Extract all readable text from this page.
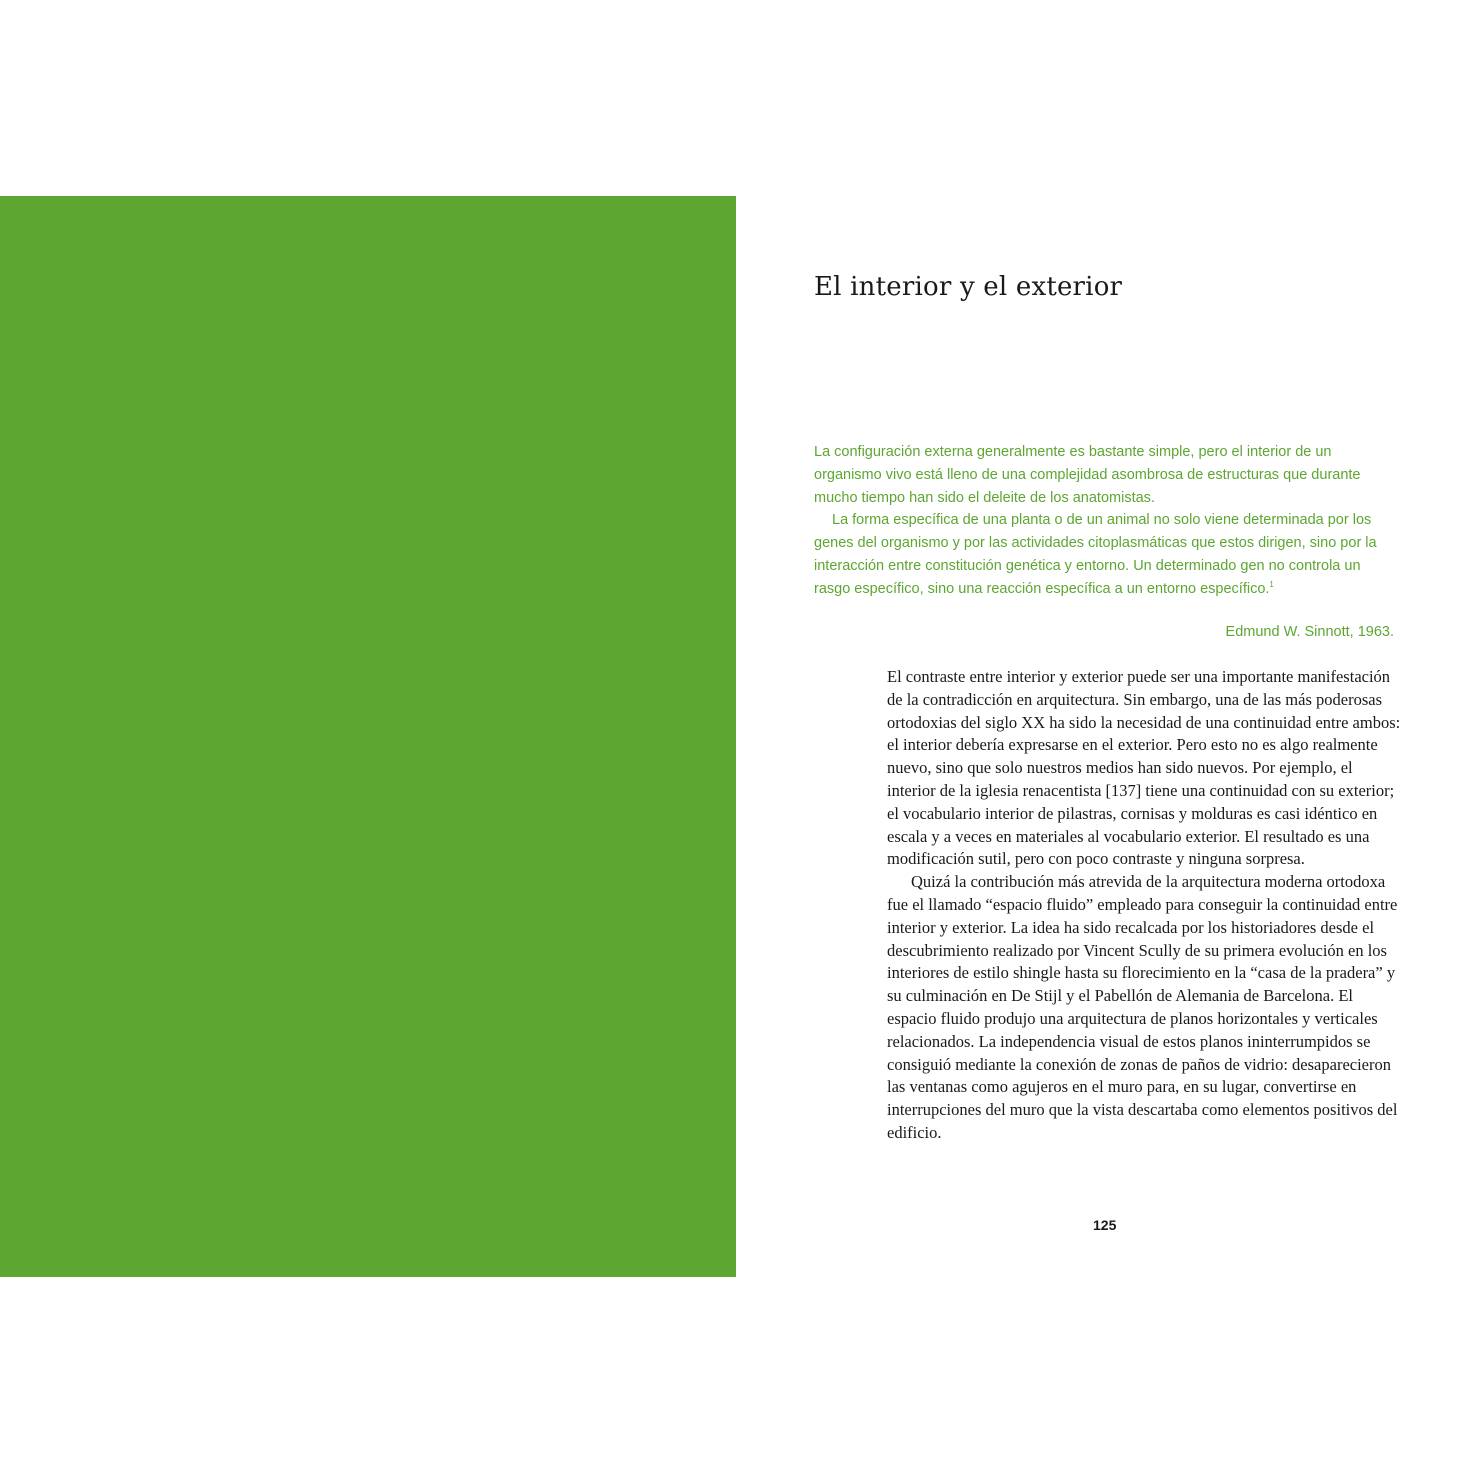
El interior y el exterior

La configuración externa generalmente es bastante simple, pero el interior de un organismo vivo está lleno de una complejidad asombrosa de estructuras que durante mucho tiempo han sido el deleite de los anatomistas.

La forma específica de una planta o de un animal no solo viene determinada por los genes del organismo y por las actividades citoplasmáticas que estos dirigen, sino por la interacción entre constitución genética y entorno. Un determinado gen no controla un rasgo específico, sino una reacción específica a un entorno específico.$^1$

Edmund W. Sinnott, 1963.

El contraste entre interior y exterior puede ser una importante manifestación de la contradicción en arquitectura. Sin embargo, una de las más poderosas ortodoxias del siglo XX ha sido la necesidad de una continuidad entre ambos: el interior debería expresarse en el exterior. Pero esto no es algo realmente nuevo, sino que solo nuestros medios han sido nuevos. Por ejemplo, el interior de la iglesia renacentista [137] tiene una continuidad con su exterior; el vocabulario interior de pilastras, cornisas y molduras es casi idéntico en escala y a veces en materiales al vocabulario exterior. El resultado es una modificación sutil, pero con poco contraste y ninguna sorpresa.

Quizá la contribución más atrevida de la arquitectura moderna ortodoxa fue el llamado “espacio fluido” empleado para conseguir la continuidad entre interior y exterior. La idea ha sido recalcada por los historiadores desde el descubrimiento realizado por Vincent Scully de su primera evolución en los interiores de estilo shingle hasta su florecimiento en la “casa de la pradera” y su culminación en De Stijl y el Pabellón de Alemania de Barcelona. El espacio fluido produjo una arquitectura de planos horizontales y verticales relacionados. La independencia visual de estos planos ininterrumpidos se consiguió mediante la conexión de zonas de paños de vidrio: desaparecieron las ventanas como agujeros en el muro para, en su lugar, convertirse en interrupciones del muro que la vista descartaba como elementos positivos del edificio.

125
